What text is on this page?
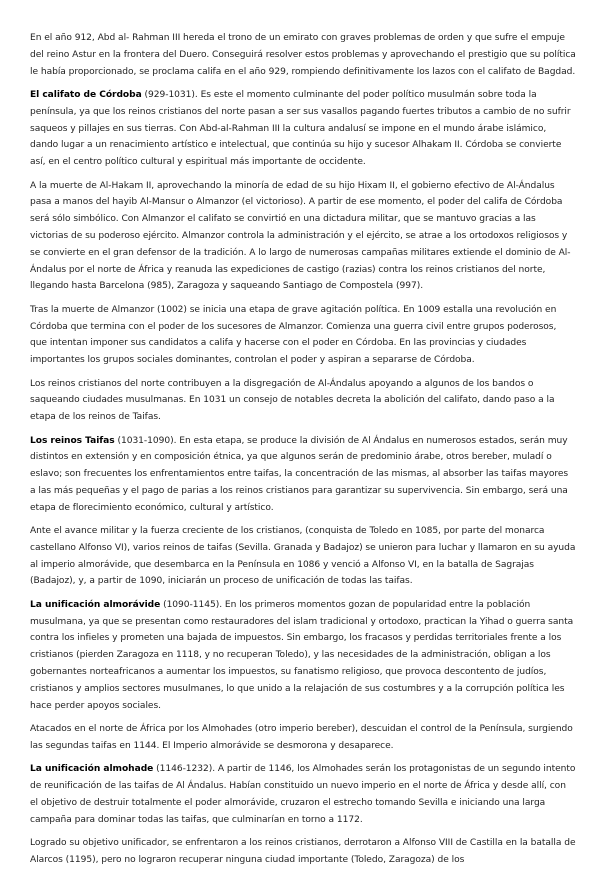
En el año 912, Abd al- Rahman III hereda el trono de un emirato con graves problemas de orden y que sufre el empuje del reino Astur en la frontera del Duero. Conseguirá resolver estos problemas y aprovechando el prestigio que su política le había proporcionado, se proclama califa en el año 929, rompiendo definitivamente los lazos con el califato de Bagdad.

El califato de Córdoba (929-1031). Es este el momento culminante del poder político musulmán sobre toda la península, ya que los reinos cristianos del norte pasan a ser sus vasallos pagando fuertes tributos a cambio de no sufrir saqueos y pillajes en sus tierras. Con Abd-al-Rahman III la cultura andalusí se impone en el mundo árabe islámico, dando lugar a un renacimiento artístico e intelectual, que continúa su hijo y sucesor Alhakam II. Córdoba se convierte así, en el centro político cultural y espiritual más importante de occidente.

A la muerte de Al-Hakam II, aprovechando la minoría de edad de su hijo Hixam II, el gobierno efectivo de Al-Ándalus pasa a manos del hayib Al-Mansur o Almanzor (el victorioso). A partir de ese momento, el poder del califa de Córdoba será sólo simbólico. Con Almanzor el califato se convirtió en una dictadura militar, que se mantuvo gracias a las victorias de su poderoso ejército. Almanzor controla la administración y el ejército, se atrae a los ortodoxos religiosos y se convierte en el gran defensor de la tradición. A lo largo de numerosas campañas militares extiende el dominio de Al- Ándalus por el norte de África y reanuda las expediciones de castigo (razias) contra los reinos cristianos del norte, llegando hasta Barcelona (985), Zaragoza y saqueando Santiago de Compostela (997).

Tras la muerte de Almanzor (1002) se inicia una etapa de grave agitación política. En 1009 estalla una revolución en Córdoba que termina con el poder de los sucesores de Almanzor. Comienza una guerra civil entre grupos poderosos, que intentan imponer sus candidatos a califa y hacerse con el poder en Córdoba. En las provincias y ciudades importantes los grupos sociales dominantes, controlan el poder y aspiran a separarse de Córdoba.

Los reinos cristianos del norte contribuyen a la disgregación de Al-Ándalus apoyando a algunos de los bandos o saqueando ciudades musulmanas. En 1031 un consejo de notables decreta la abolición del califato, dando paso a la etapa de los reinos de Taifas.

Los reinos Taifas (1031-1090). En esta etapa, se produce la división de Al Ándalus en numerosos estados, serán muy distintos en extensión y en composición étnica, ya que algunos serán de predominio árabe, otros bereber, muladí o eslavo; son frecuentes los enfrentamientos entre taifas, la concentración de las mismas, al absorber las taifas mayores a las más pequeñas y el pago de parias a los reinos cristianos para garantizar su supervivencia. Sin embargo, será una etapa de florecimiento económico, cultural y artístico.

Ante el avance militar y la fuerza creciente de los cristianos, (conquista de Toledo en 1085, por parte del monarca castellano Alfonso VI), varios reinos de taifas (Sevilla. Granada y Badajoz) se unieron para luchar y llamaron en su ayuda al imperio almorávide, que desembarca en la Península en 1086 y venció a Alfonso VI, en la batalla de Sagrajas (Badajoz), y, a partir de 1090, iniciarán un proceso de unificación de todas las taifas.

La unificación almorávide (1090-1145). En los primeros momentos gozan de popularidad entre la población musulmana, ya que se presentan como restauradores del islam tradicional y ortodoxo, practican la Yihad o guerra santa contra los infieles y prometen una bajada de impuestos. Sin embargo, los fracasos y perdidas territoriales frente a los cristianos (pierden Zaragoza en 1118, y no recuperan Toledo), y las necesidades de la administración, obligan a los gobernantes norteafricanos a aumentar los impuestos, su fanatismo religioso, que provoca descontento de judíos, cristianos y amplios sectores musulmanes, lo que unido a la relajación de sus costumbres y a la corrupción política les hace perder apoyos sociales.

Atacados en el norte de África por los Almohades (otro imperio bereber), descuidan el control de la Península, surgiendo las segundas taifas en 1144. El Imperio almorávide se desmorona y desaparece.

La unificación almohade (1146-1232). A partir de 1146, los Almohades serán los protagonistas de un segundo intento de reunificación de las taifas de Al Ándalus. Habían constituido un nuevo imperio en el norte de África y desde allí, con el objetivo de destruir totalmente el poder almorávide, cruzaron el estrecho tomando Sevilla e iniciando una larga campaña para dominar todas las taifas, que culminarían en torno a 1172.

Logrado su objetivo unificador, se enfrentaron a los reinos cristianos, derrotaron a Alfonso VIII de Castilla en la batalla de Alarcos (1195), pero no lograron recuperar ninguna ciudad importante (Toledo, Zaragoza) de los
